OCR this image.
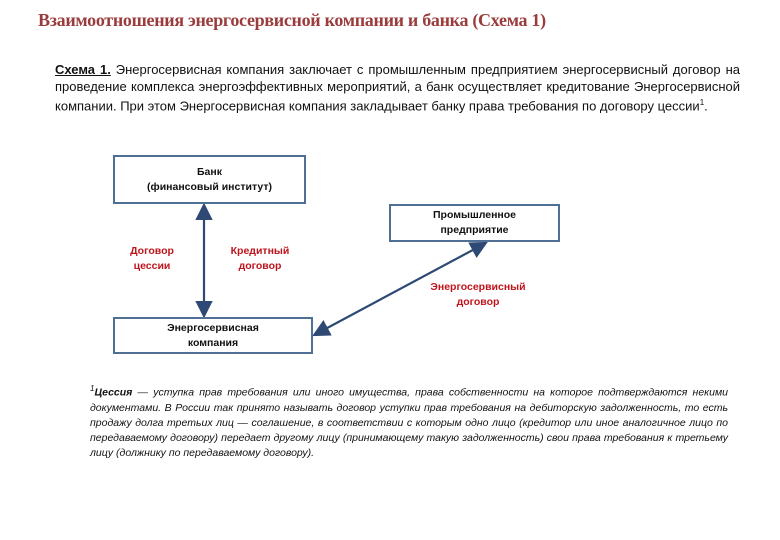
Взаимоотношения энергосервисной компании и банка (Схема 1)
Схема 1. Энергосервисная компания заключает с промышленным предприятием энергосервисный договор на проведение комплекса энергоэффективных мероприятий, а банк осуществляет кредитование Энергосервисной компании. При этом Энергосервисная компания закладывает банку права требования по договору цессии$^1$.
Банк
(финансовый институт)
Промышленное
предприятие
Энергосервисная
компания
Договор
цессии
Кредитный
договор
Энергосервисный
договор
$^1$Цессия — уступка прав требования или иного имущества, права собственности на которое подтверждаются некими документами. В России так принято называть договор уступки прав требования на дебиторскую задолженность, то есть продажу долга третьих лиц — соглашение, в соответствии с которым одно лицо (кредитор или иное аналогичное лицо по передаваемому договору) передает другому лицу (принимающему такую задолженность) свои права требования к третьему лицу (должнику по передаваемому договору).
